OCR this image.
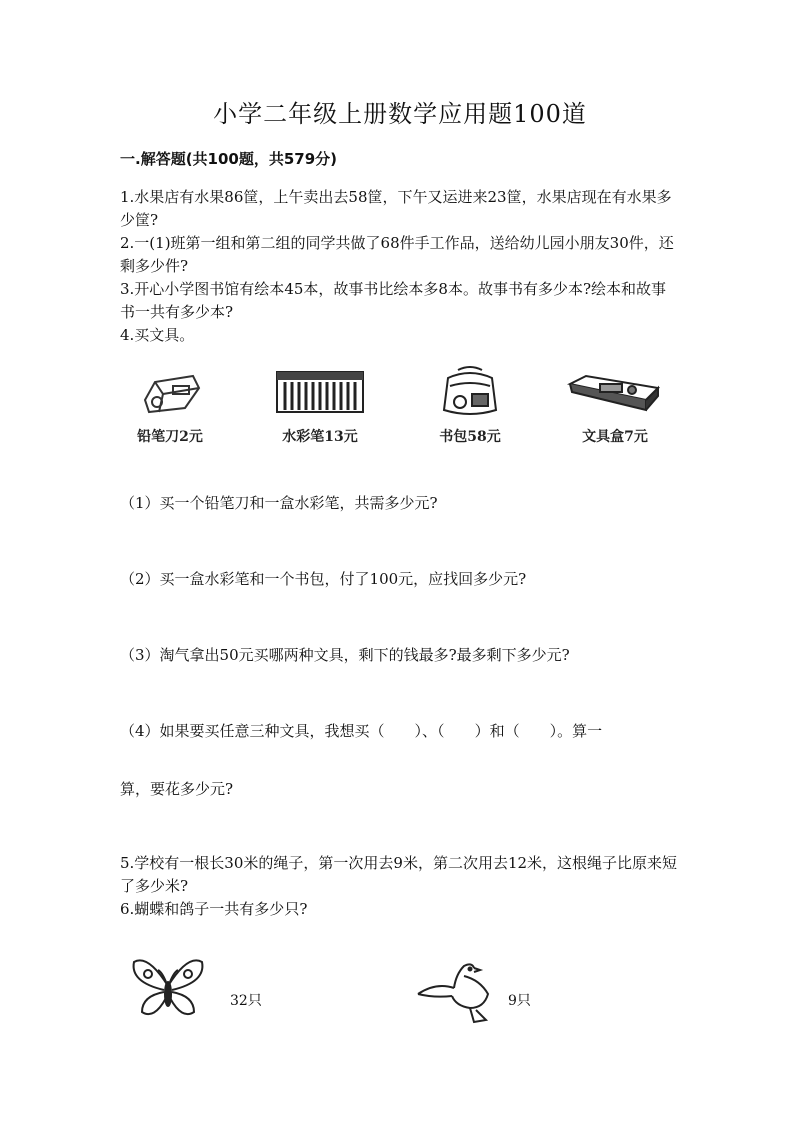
小学二年级上册数学应用题100道
一.解答题(共100题，共579分)
1.水果店有水果86筐，上午卖出去58筐，下午又运进来23筐，水果店现在有水果多少筐?
2.一(1)班第一组和第二组的同学共做了68件手工作品，送给幼儿园小朋友30件，还剩多少件?
3.开心小学图书馆有绘本45本，故事书比绘本多8本。故事书有多少本?绘本和故事书一共有多少本?
4.买文具。
铅笔刀2元	水彩笔13元	书包58元	文具盒7元
（1）买一个铅笔刀和一盒水彩笔，共需多少元?
（2）买一盒水彩笔和一个书包，付了100元，应找回多少元?
（3）淘气拿出50元买哪两种文具，剩下的钱最多?最多剩下多少元?
（4）如果要买任意三种文具，我想买（ ）、（ ）和（ ）。算一
算，要花多少元?
5.学校有一根长30米的绳子，第一次用去9米，第二次用去12米，这根绳子比原来短了多少米?
6.蝴蝶和鸽子一共有多少只?
32只	9只
